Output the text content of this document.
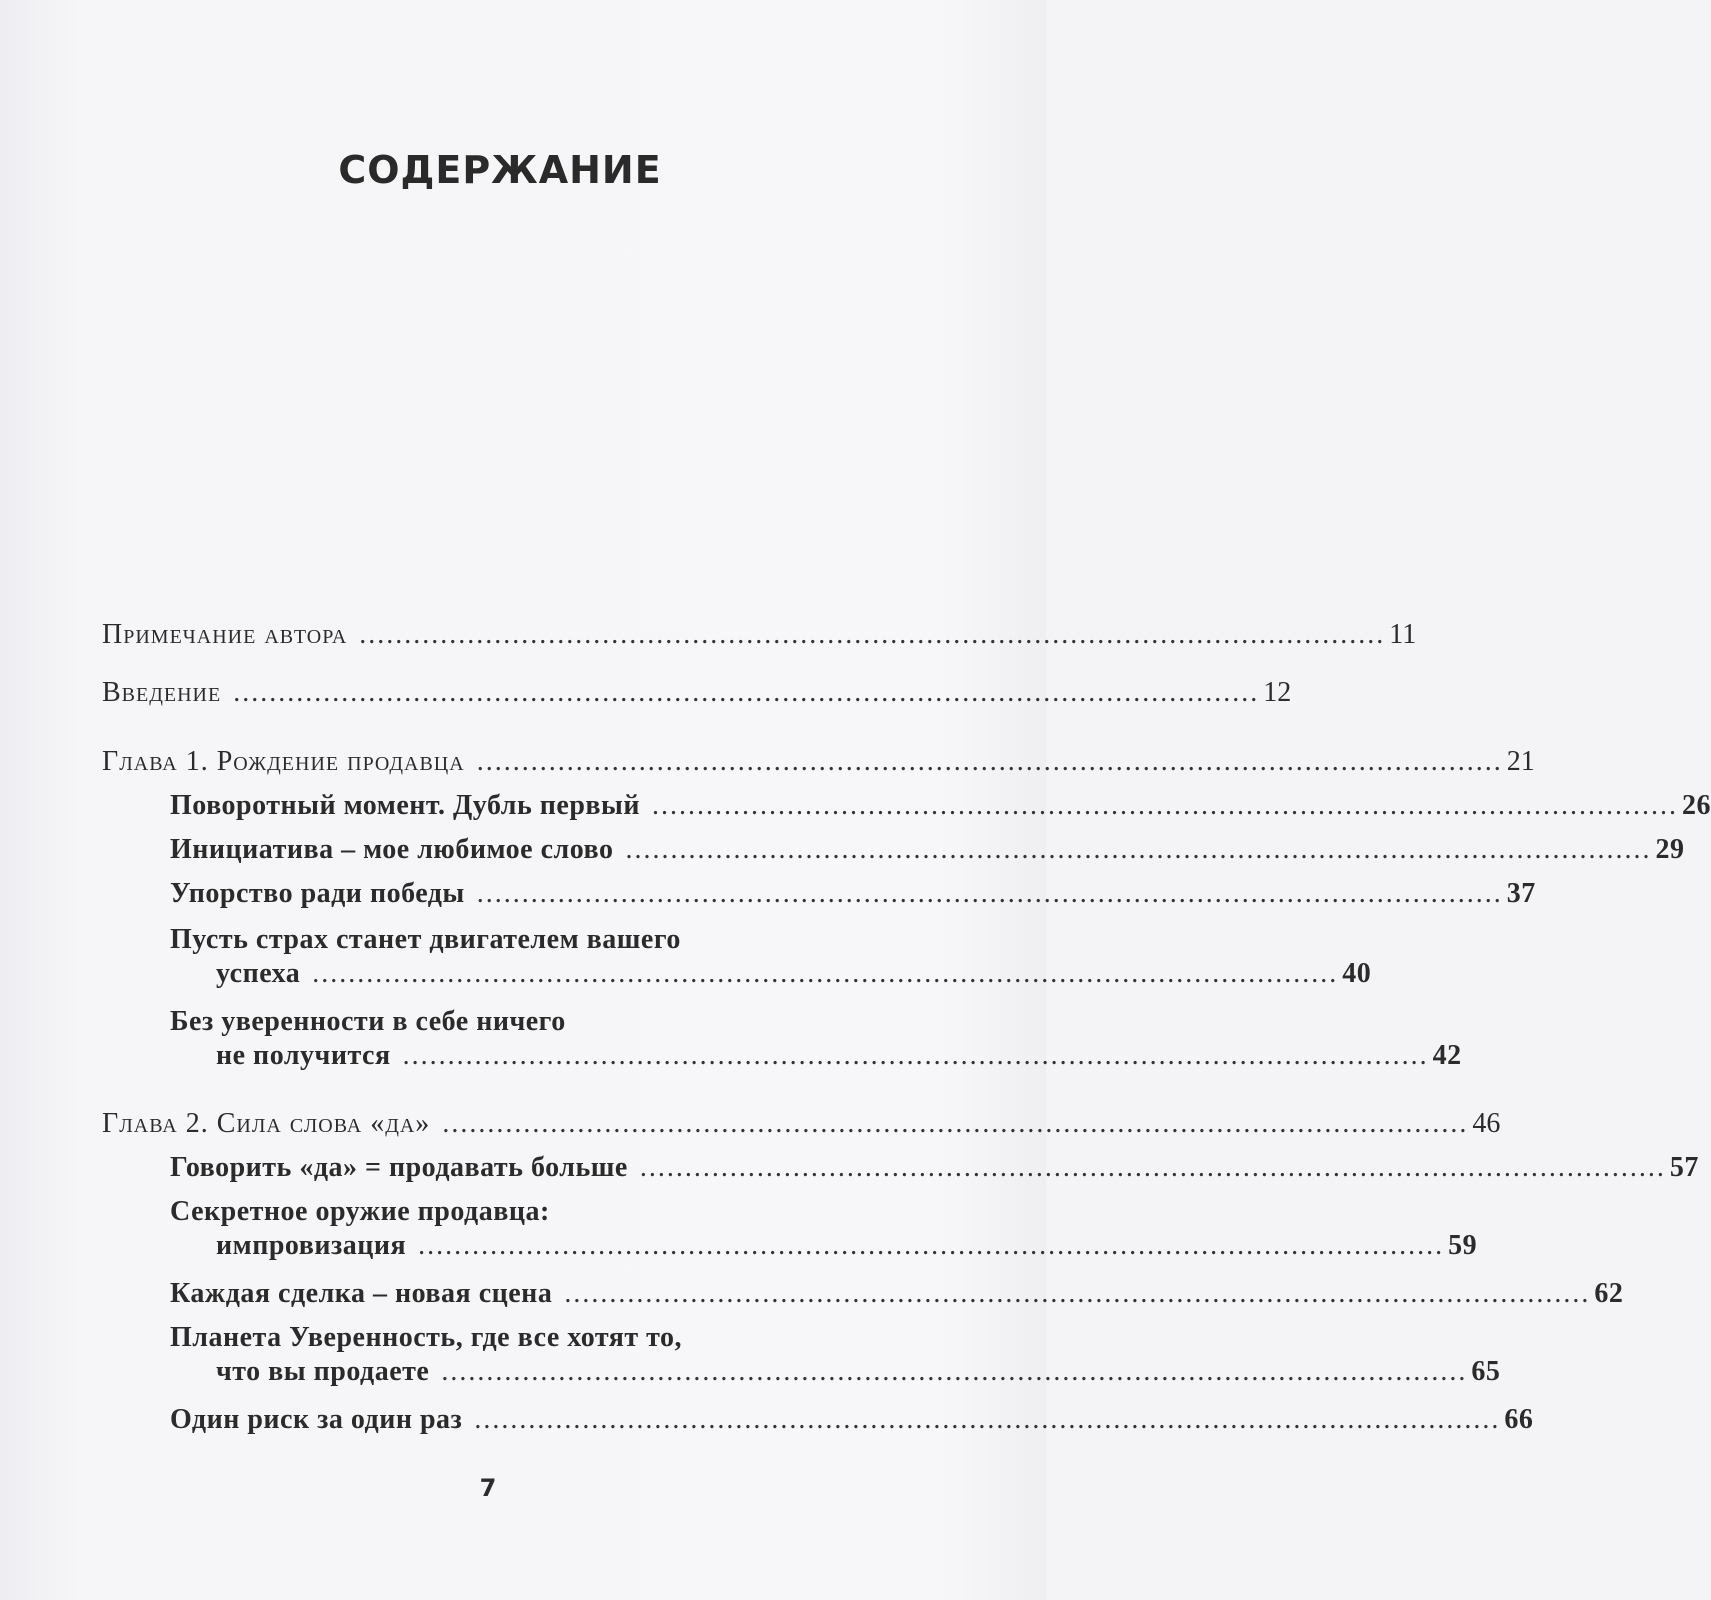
СОДЕРЖАНИЕ
Примечание автора .................................................................................................................. 11
Введение .................................................................................................................. 12
Глава 1. Рождение продавца .................................................................................................................. 21
Поворотный момент. Дубль первый .................................................................................................................. 26
Инициатива – мое любимое слово .................................................................................................................. 29
Упорство ради победы .................................................................................................................. 37
Пусть страх станет двигателем вашего
успеха .................................................................................................................. 40
Без уверенности в себе ничего
не получится .................................................................................................................. 42
Глава 2. Сила слова «да» .................................................................................................................. 46
Говорить «да» = продавать больше .................................................................................................................. 57
Секретное оружие продавца:
импровизация .................................................................................................................. 59
Каждая сделка – новая сцена .................................................................................................................. 62
Планета Уверенность, где все хотят то,
что вы продаете .................................................................................................................. 65
Один риск за один раз .................................................................................................................. 66
7
